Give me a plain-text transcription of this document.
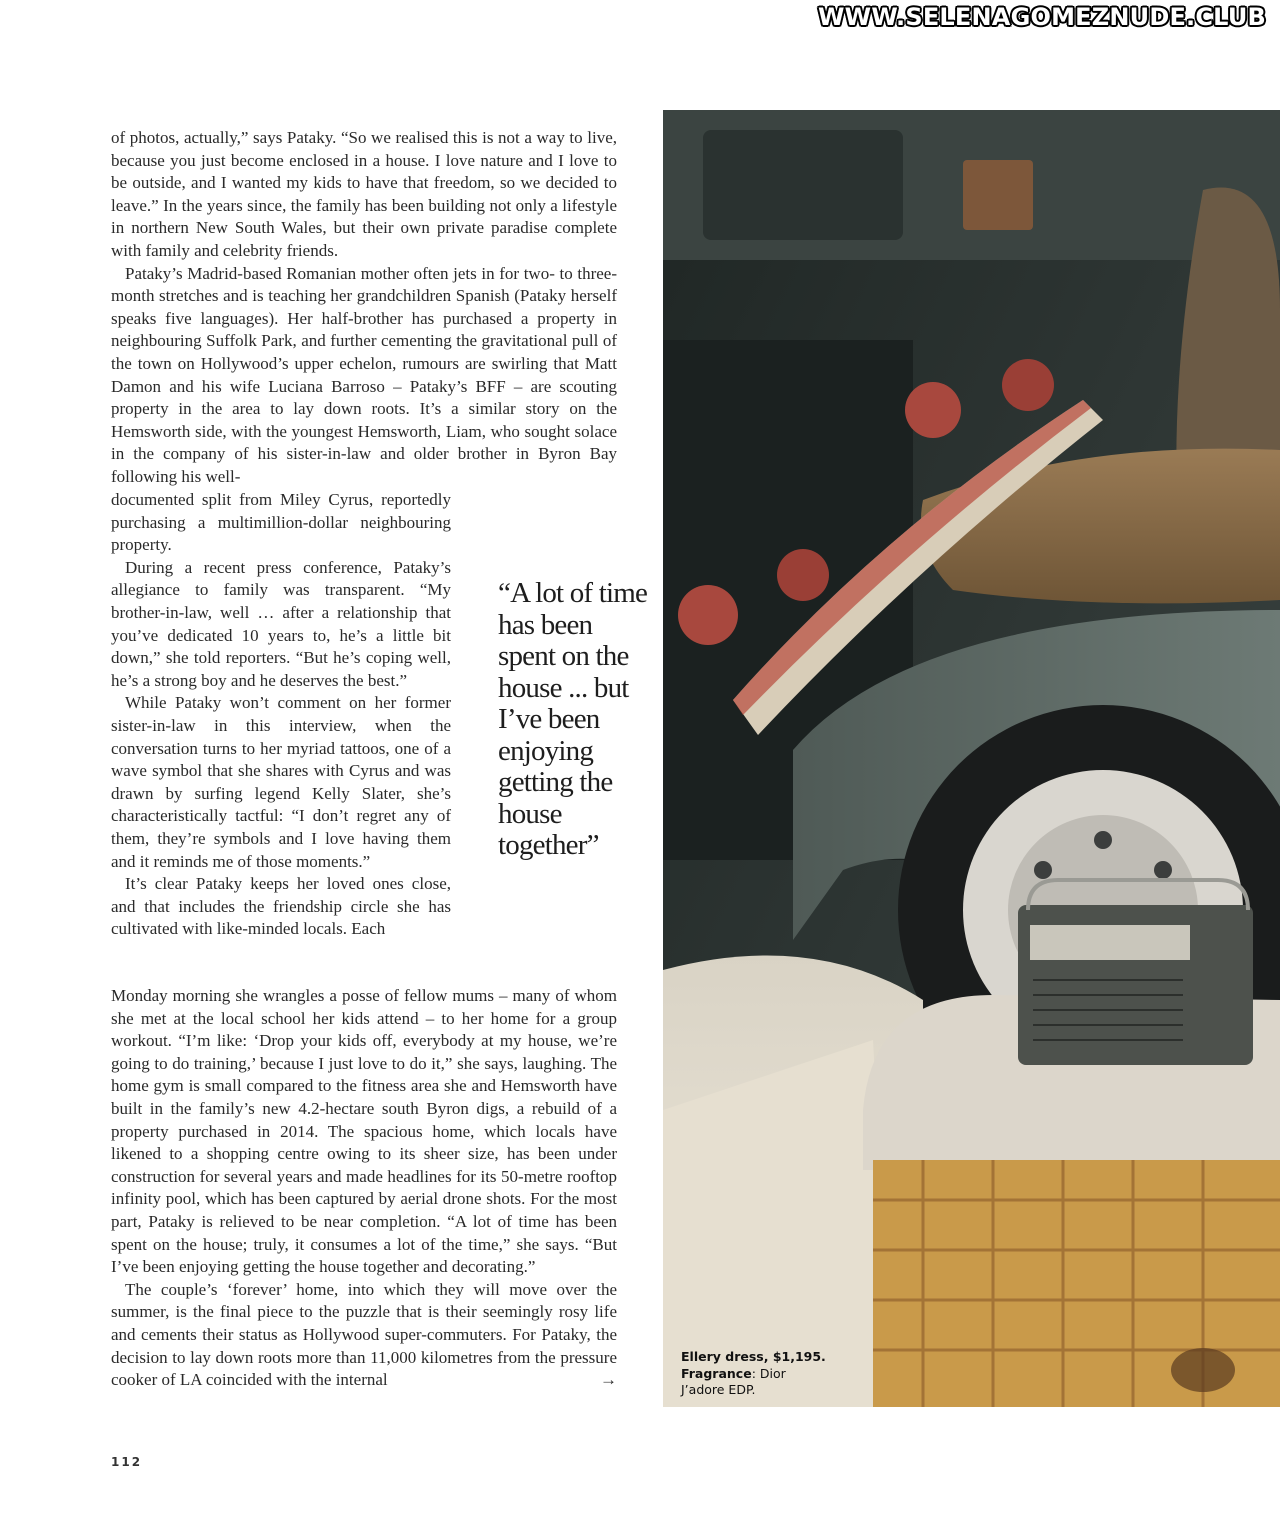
WWW.SELENAGOMEZNUDE.CLUB

of photos, actually,” says Pataky. “So we realised this is not a way to live, because you just become enclosed in a house. I love nature and I love to be outside, and I wanted my kids to have that freedom, so we decided to leave.” In the years since, the family has been building not only a lifestyle in northern New South Wales, but their own private paradise complete with family and celebrity friends.

Pataky’s Madrid-based Romanian mother often jets in for two- to three-month stretches and is teaching her grandchildren Spanish (Pataky herself speaks five languages). Her half-brother has purchased a property in neighbouring Suffolk Park, and further cementing the gravitational pull of the town on Hollywood’s upper echelon, rumours are swirling that Matt Damon and his wife Luciana Barroso – Pataky’s BFF – are scouting property in the area to lay down roots. It’s a similar story on the Hemsworth side, with the youngest Hemsworth, Liam, who sought solace in the company of his sister-in-law and older brother in Byron Bay following his well-

documented split from Miley Cyrus, reportedly purchasing a multimillion-dollar neighbouring property.

During a recent press conference, Pataky’s allegiance to family was transparent. “My brother-in-law, well … after a relationship that you’ve dedicated 10 years to, he’s a little bit down,” she told reporters. “But he’s coping well, he’s a strong boy and he deserves the best.”

While Pataky won’t comment on her former sister-in-law in this interview, when the conversation turns to her myriad tattoos, one of a wave symbol that she shares with Cyrus and was drawn by surfing legend Kelly Slater, she’s characteristically tactful: “I don’t regret any of them, they’re symbols and I love having them and it reminds me of those moments.”

It’s clear Pataky keeps her loved ones close, and that includes the friendship circle she has cultivated with like-minded locals. Each

Monday morning she wrangles a posse of fellow mums – many of whom she met at the local school her kids attend – to her home for a group workout. “I’m like: ‘Drop your kids off, everybody at my house, we’re going to do training,’ because I just love to do it,” she says, laughing. The home gym is small compared to the fitness area she and Hemsworth have built in the family’s new 4.2-hectare south Byron digs, a rebuild of a property purchased in 2014. The spacious home, which locals have likened to a shopping centre owing to its sheer size, has been under construction for several years and made headlines for its 50-metre rooftop infinity pool, which has been captured by aerial drone shots. For the most part, Pataky is relieved to be near completion. “A lot of time has been spent on the house; truly, it consumes a lot of the time,” she says. “But I’ve been enjoying getting the house together and decorating.”

The couple’s ‘forever’ home, into which they will move over the summer, is the final piece to the puzzle that is their seemingly rosy life and cements their status as Hollywood super-commuters. For Pataky, the decision to lay down roots more than 11,000 kilometres from the pressure cooker of LA coincided with the internal	→

“A lot of time has been spent on the house ... but I’ve been enjoying getting the house together”
Ellery dress, $1,195.
Fragrance: Dior J’adore EDP.
112
